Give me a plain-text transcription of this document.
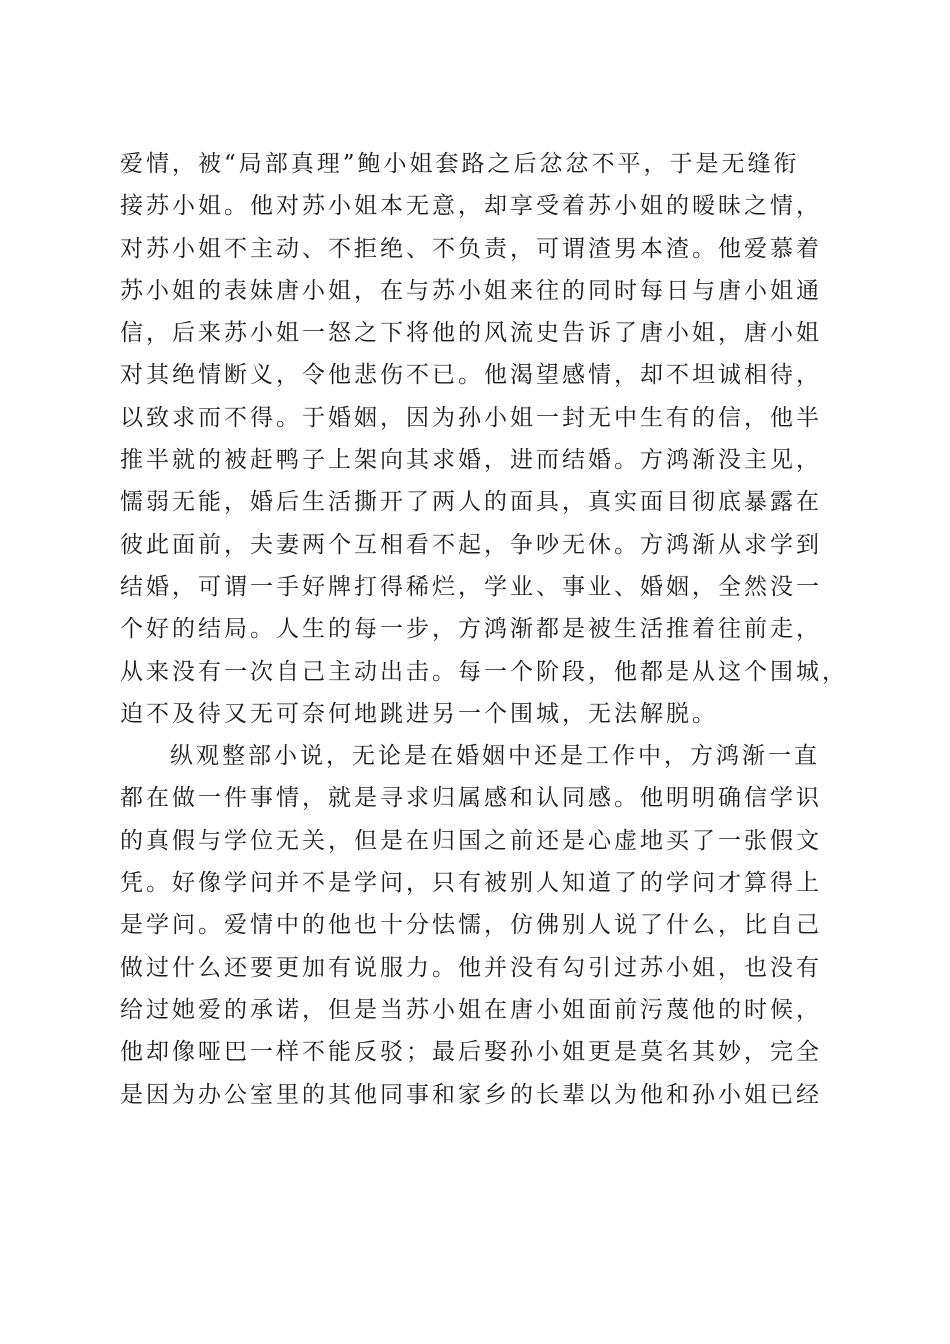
爱情，被“局部真理”鲍小姐套路之后忿忿不平，于是无缝衔
接苏小姐。他对苏小姐本无意，却享受着苏小姐的暧昧之情，
对苏小姐不主动、不拒绝、不负责，可谓渣男本渣。他爱慕着
苏小姐的表妹唐小姐，在与苏小姐来往的同时每日与唐小姐通
信，后来苏小姐一怒之下将他的风流史告诉了唐小姐，唐小姐
对其绝情断义，令他悲伤不已。他渴望感情，却不坦诚相待，
以致求而不得。于婚姻，因为孙小姐一封无中生有的信，他半
推半就的被赶鸭子上架向其求婚，进而结婚。方鸿渐没主见，
懦弱无能，婚后生活撕开了两人的面具，真实面目彻底暴露在
彼此面前，夫妻两个互相看不起，争吵无休。方鸿渐从求学到
结婚，可谓一手好牌打得稀烂，学业、事业、婚姻，全然没一
个好的结局。人生的每一步，方鸿渐都是被生活推着往前走，
从来没有一次自己主动出击。每一个阶段，他都是从这个围城，
迫不及待又无可奈何地跳进另一个围城，无法解脱。
纵观整部小说，无论是在婚姻中还是工作中，方鸿渐一直
都在做一件事情，就是寻求归属感和认同感。他明明确信学识
的真假与学位无关，但是在归国之前还是心虚地买了一张假文
凭。好像学问并不是学问，只有被别人知道了的学问才算得上
是学问。爱情中的他也十分怯懦，仿佛别人说了什么，比自己
做过什么还要更加有说服力。他并没有勾引过苏小姐，也没有
给过她爱的承诺，但是当苏小姐在唐小姐面前污蔑他的时候，
他却像哑巴一样不能反驳；最后娶孙小姐更是莫名其妙，完全
是因为办公室里的其他同事和家乡的长辈以为他和孙小姐已经
